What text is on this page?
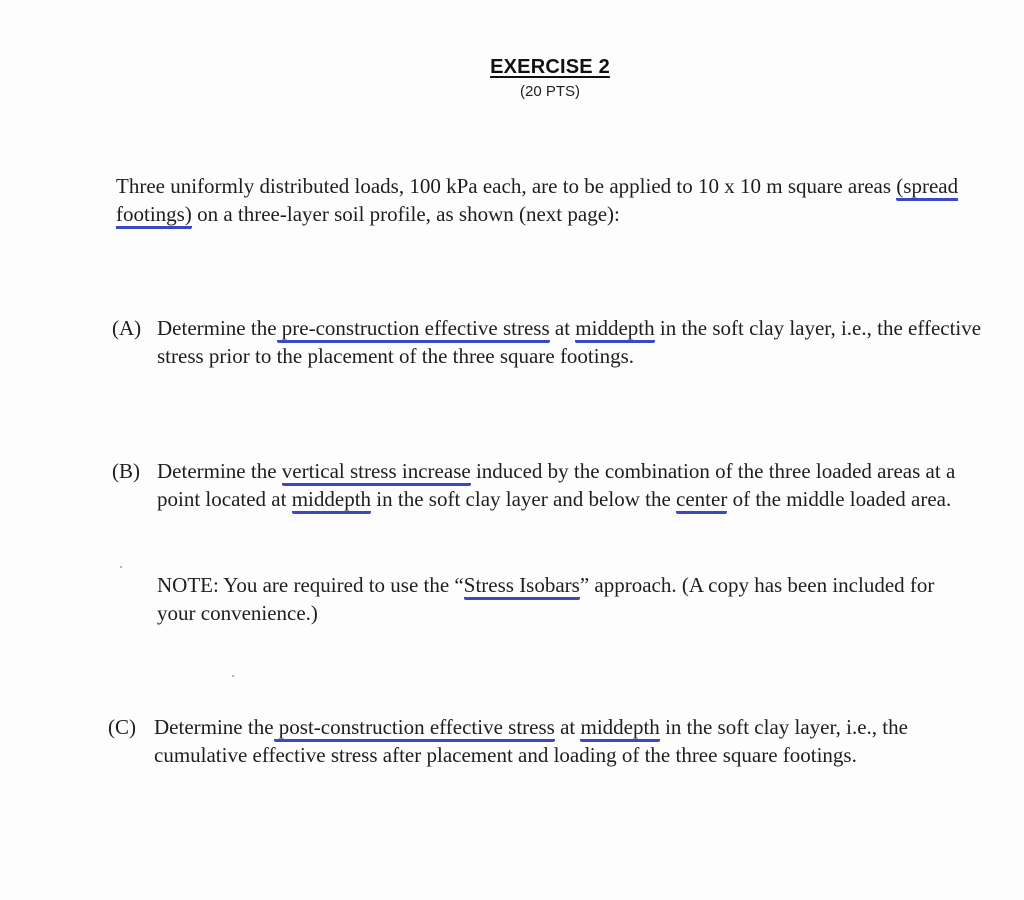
EXERCISE 2
(20 PTS)
Three uniformly distributed loads, 100 kPa each, are to be applied to 10 x 10 m square areas (spread footings) on a three-layer soil profile, as shown (next page):
(A) Determine the pre-construction effective stress at middepth in the soft clay layer, i.e., the effective stress prior to the placement of the three square footings.
(B) Determine the vertical stress increase induced by the combination of the three loaded areas at a point located at middepth in the soft clay layer and below the center of the middle loaded area.
NOTE: You are required to use the “Stress Isobars” approach. (A copy has been included for your convenience.)
(C) Determine the post-construction effective stress at middepth in the soft clay layer, i.e., the cumulative effective stress after placement and loading of the three square footings.
